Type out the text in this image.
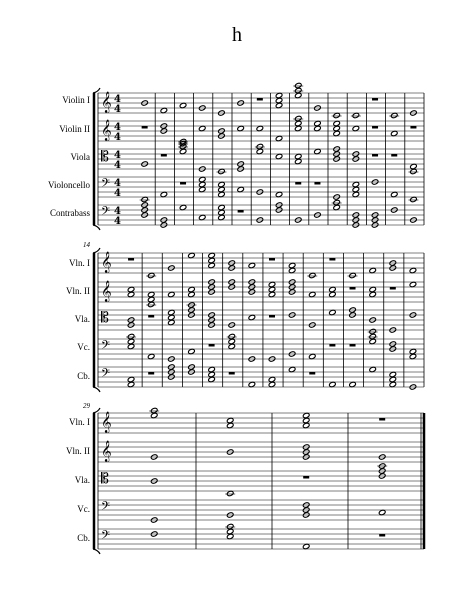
h
Violin I
Violin II
Viola
Violoncello
Contrabass
Vln. I
Vln. II
Vla.
Vc.
Cb.
Vln. I
Vln. II
Vla.
Vc.
Cb.
14
29
𝄞 4
4
𝄞 4
4
𝄡 4
4
𝄢 4
4
𝄢 4
4
𝄞
𝄞
𝄡
𝄢
𝄢
𝄞
𝄞
𝄡
𝄢
𝄢
